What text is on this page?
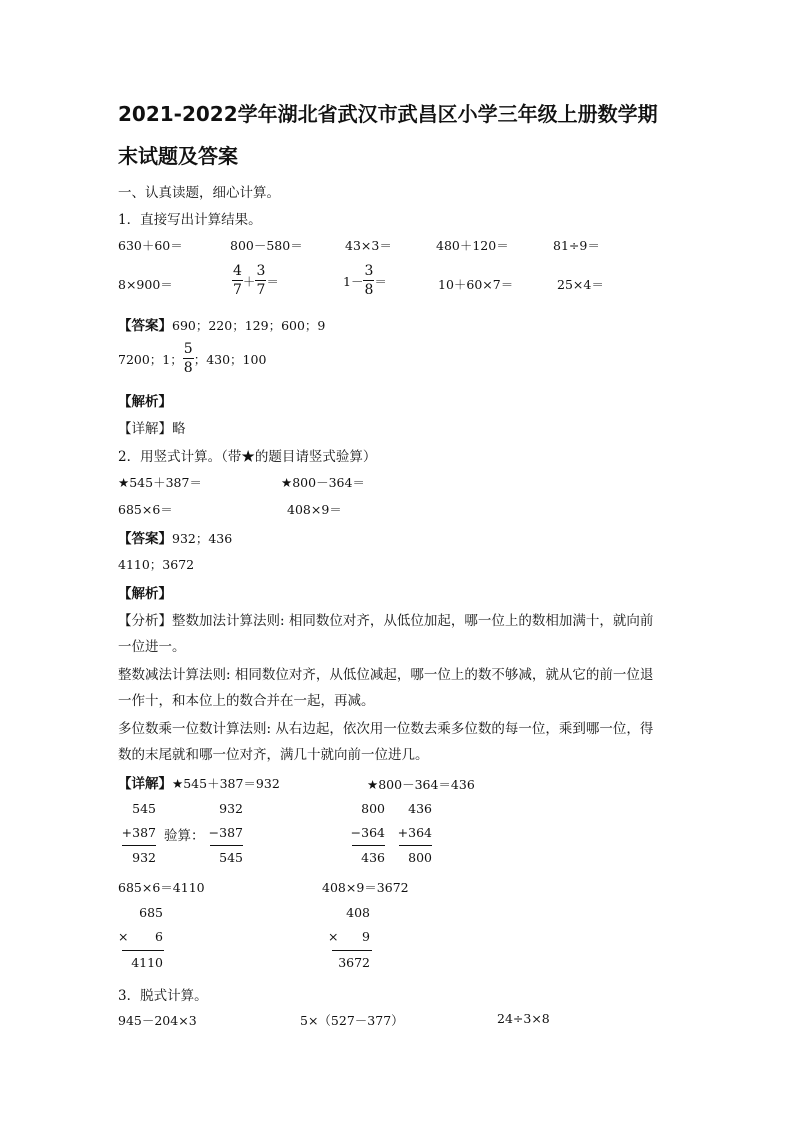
2021-2022学年湖北省武汉市武昌区小学三年级上册数学期
末试题及答案
一、认真读题，细心计算。
1．直接写出计算结果。
630＋60＝	800－580＝	43×3＝	480＋120＝	81÷9＝
8×900＝	$\frac{4}{7} + \frac{3}{7}$ ＝	$1- \frac{3}{8}$ ＝	10＋60×7＝	25×4＝
【答案】690；220；129；600；9
7200；1； $\frac{5}{8}$ ；430；100
【解析】
【详解】略
2．用竖式计算。（带★的题目请竖式验算）
★545＋387＝	★800－364＝
685×6＝	408×9＝
【答案】932；436
4110；3672
【解析】
【分析】整数加法计算法则: 相同数位对齐，从低位加起，哪一位上的数相加满十，就向前
一位进一。
整数减法计算法则: 相同数位对齐，从低位减起，哪一位上的数不够减，就从它的前一位退
一作十，和本位上的数合并在一起，再减。
多位数乘一位数计算法则: 从右边起，依次用一位数去乘多位数的每一位，乘到哪一位，得
数的末尾就和哪一位对齐，满几十就向前一位进几。
【详解】★545＋387＝932	★800－364＝436
545
+387
932
验算：
932
−387
545
800
−364
436
436
+364
800
685×6＝4110	408×9＝3672
685
×	6
4110
408
×	9
3672
3．脱式计算。
945－204×3	5×（527－377）	24÷3×8
